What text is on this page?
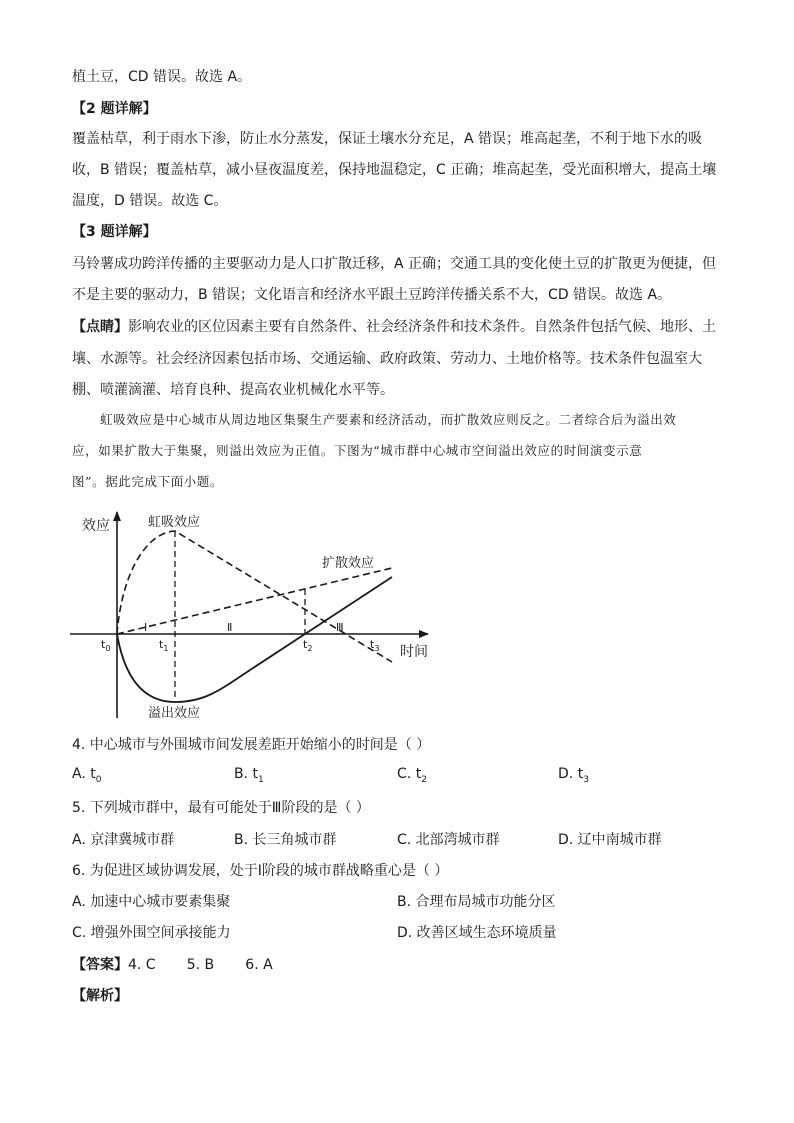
植土豆，CD 错误。故选 A。
【2 题详解】
覆盖枯草，利于雨水下渗，防止水分蒸发，保证土壤水分充足，A 错误；堆高起垄，不利于地下水的吸
收，B 错误；覆盖枯草，减小昼夜温度差，保持地温稳定，C 正确；堆高起垄，受光面积增大，提高土壤
温度，D 错误。故选 C。
【3 题详解】
马铃薯成功跨洋传播的主要驱动力是人口扩散迁移，A 正确；交通工具的变化使土豆的扩散更为便捷，但
不是主要的驱动力，B 错误；文化语言和经济水平跟土豆跨洋传播关系不大，CD 错误。故选 A。
【点睛】影响农业的区位因素主要有自然条件、社会经济条件和技术条件。自然条件包括气候、地形、土
壤、水源等。社会经济因素包括市场、交通运输、政府政策、劳动力、土地价格等。技术条件包温室大
棚、喷灌滴灌、培育良种、提高农业机械化水平等。
虹吸效应是中心城市从周边地区集聚生产要素和经济活动，而扩散效应则反之。二者综合后为溢出效
应，如果扩散大于集聚，则溢出效应为正值。下图为“城市群中心城市空间溢出效应的时间演变示意
图”。据此完成下面小题。
效应
时间
虹吸效应
扩散效应
溢出效应
Ⅰ	Ⅱ	Ⅲ
$t_0$	$t_1$	$t_2$	$t_3$
4. 中心城市与外围城市间发展差距开始缩小的时间是（ ）
A. $t_0$	B. $t_1$	C. $t_2$	D. $t_3$
5. 下列城市群中，最有可能处于Ⅲ阶段的是（ ）
A. 京津冀城市群	B. 长三角城市群	C. 北部湾城市群	D. 辽中南城市群
6. 为促进区域协调发展，处于Ⅰ阶段的城市群战略重心是（ ）
A. 加速中心城市要素集聚	B. 合理布局城市功能分区
C. 增强外围空间承接能力	D. 改善区域生态环境质量
【答案】4. C       5. B       6. A
【解析】
